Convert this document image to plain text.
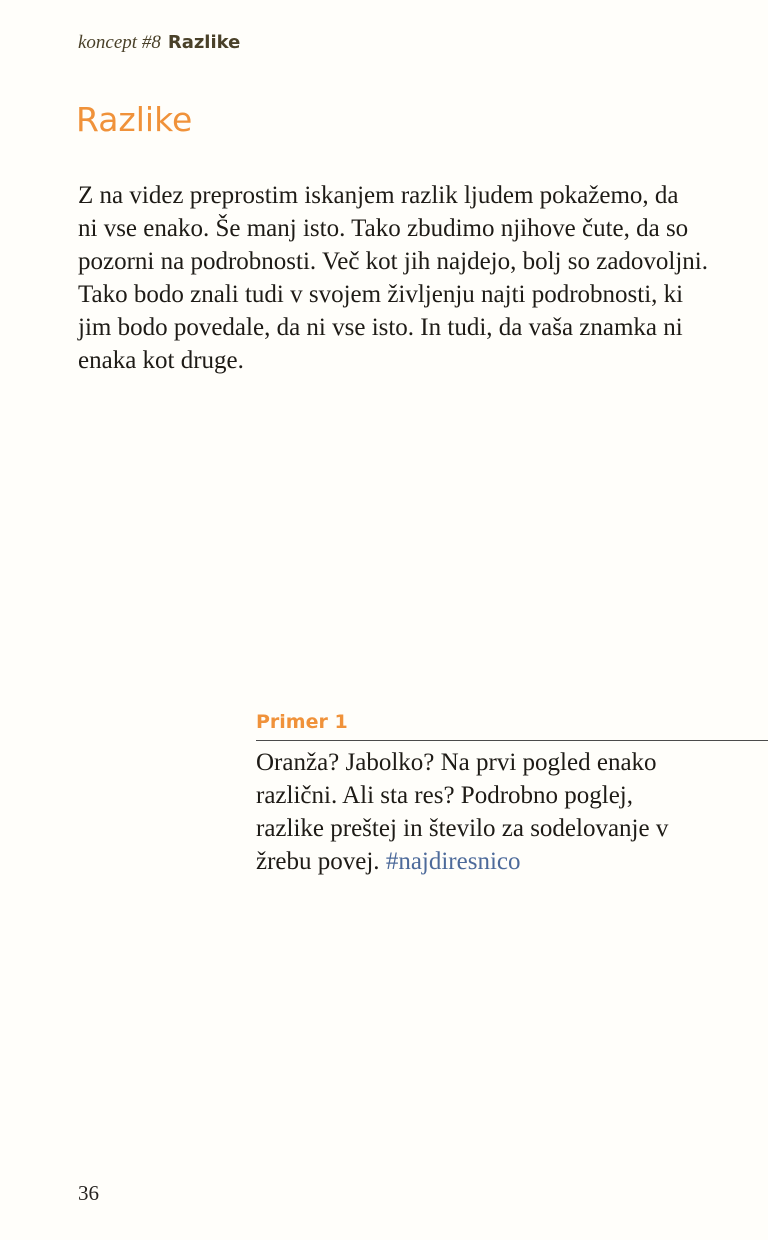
koncept #8 Razlike
Razlike
Z na videz preprostim iskanjem razlik ljudem pokažemo, da
ni vse enako. Še manj isto. Tako zbudimo njihove čute, da so
pozorni na podrobnosti. Več kot jih najdejo, bolj so zadovoljni.
Tako bodo znali tudi v svojem življenju najti podrobnosti, ki
jim bodo povedale, da ni vse isto. In tudi, da vaša znamka ni
enaka kot druge.
Primer 1
Oranža? Jabolko? Na prvi pogled enako
različni. Ali sta res? Podrobno poglej,
razlike preštej in število za sodelovanje v
žrebu povej. #najdiresnico
36
